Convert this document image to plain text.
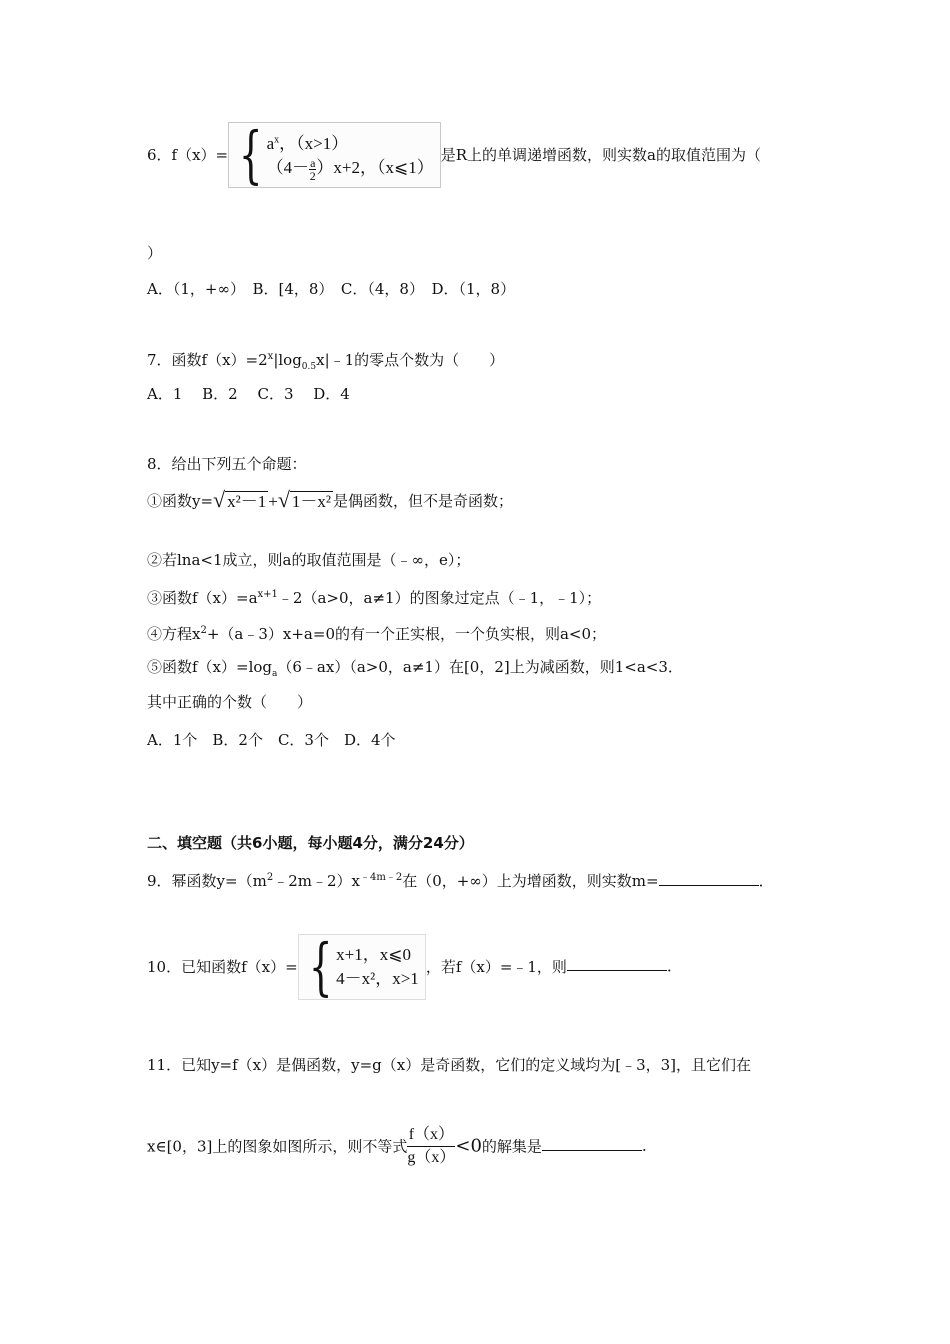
6．f（x）= { $a^x$，（x>1）
$(4- \frac{a}{2} )x+2$，（x⩽1）是R上的单调递增函数，则实数a的取值范围为（
）
A．（1，+∞）　B．[4，8）　C．（4，8）　D．（1，8）
7．函数$f(x)=2^x|\log_{0.5}x|﹣1$的零点个数为（　　）
A．1　 B．2　 C．3　 D．4
8．给出下列五个命题：
①函数y=√ x²－1 +√ 1－x² 是偶函数，但不是奇函数；
②若lna<1成立，则a的取值范围是（﹣∞，e）；
③函数$f(x)=a^{x+1}﹣2(a>0$，a≠1）的图象过定点（﹣1，﹣1）；
④方程$x^2+(a﹣3)x+a=0$的有一个正实根，一个负实根，则a<0；
⑤函数$f(x)=\log_a(6﹣ax)(a>0$，a≠1）在[0，2]上为减函数，则1<a<3．
其中正确的个数（　　）
A．1个　B．2个　C．3个　D．4个
二、填空题（共6小题，每小题4分，满分24分）
9．幂函数$y=(m^2﹣2m﹣2)x^{﹣4m﹣2}$在（0，+∞）上为增函数，则实数m=	．
10．已知函数f（x）= { x+1，x⩽0
4－x²，x>1，若f（x）=﹣1，则	．
11．已知y=f（x）是偶函数，y=g（x）是奇函数，它们的定义域均为[﹣3，3]，且它们在
x∈[0，3]上的图象如图所示，则不等式 $\frac{f(x)}{g(x)}<0$的解集是	．
